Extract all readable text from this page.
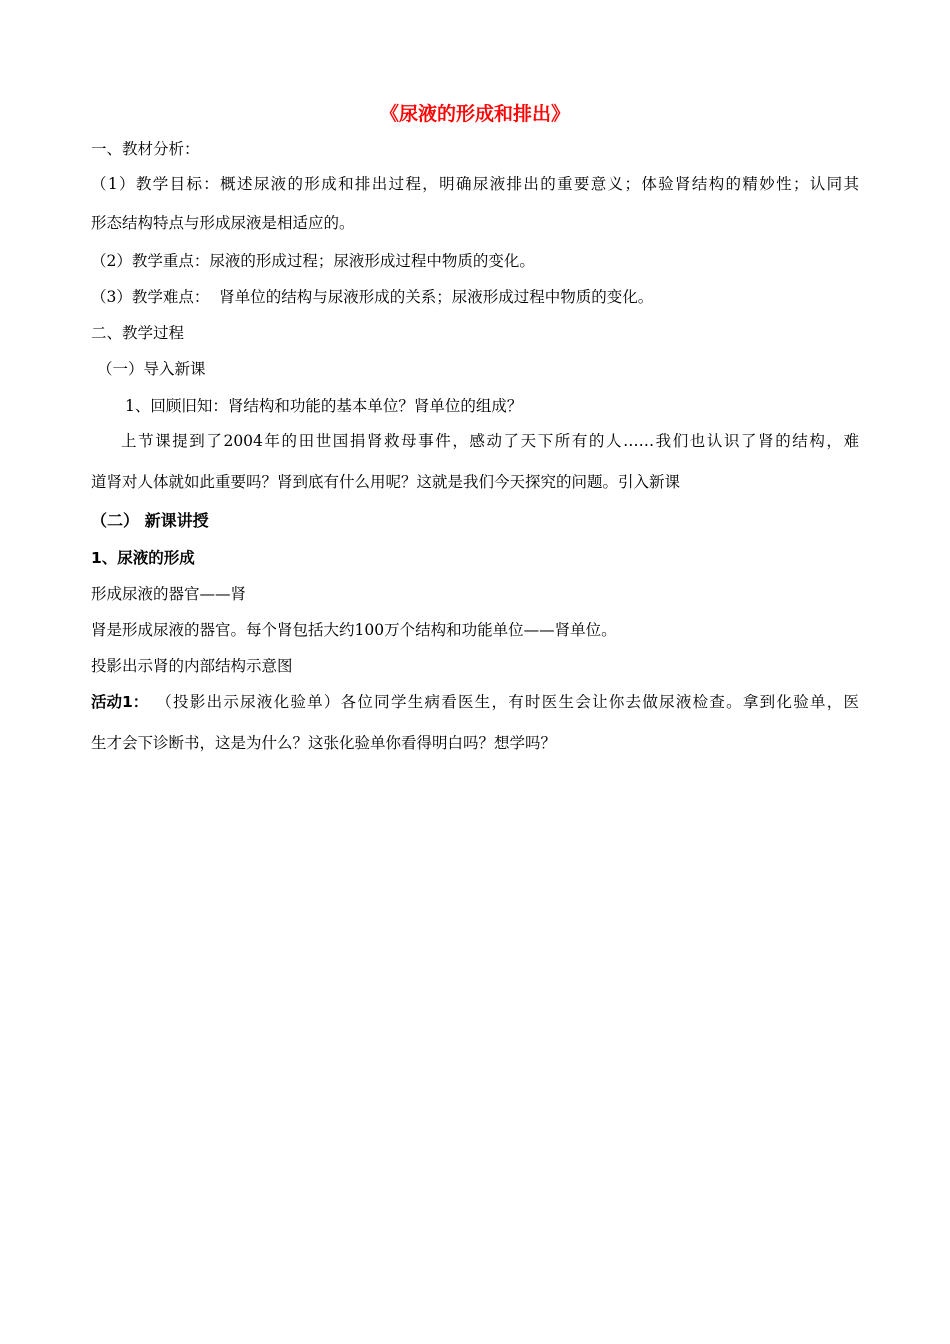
《尿液的形成和排出》
一、教材分析：
（1）教学目标：概述尿液的形成和排出过程，明确尿液排出的重要意义；体验肾结构的精妙性；认同其
形态结构特点与形成尿液是相适应的。
（2）教学重点：尿液的形成过程；尿液形成过程中物质的变化。
（3）教学难点：  肾单位的结构与尿液形成的关系；尿液形成过程中物质的变化。
二、教学过程
（一）导入新课
1、回顾旧知：肾结构和功能的基本单位？肾单位的组成？
上节课提到了2004年的田世国捐肾救母事件，感动了天下所有的人……我们也认识了肾的结构，难
道肾对人体就如此重要吗？肾到底有什么用呢？这就是我们今天探究的问题。引入新课
（二） 新课讲授
1、尿液的形成
形成尿液的器官——肾
肾是形成尿液的器官。每个肾包括大约100万个结构和功能单位——肾单位。
投影出示肾的内部结构示意图
活动1： （投影出示尿液化验单）各位同学生病看医生，有时医生会让你去做尿液检查。拿到化验单，医
生才会下诊断书，这是为什么？这张化验单你看得明白吗？想学吗？
